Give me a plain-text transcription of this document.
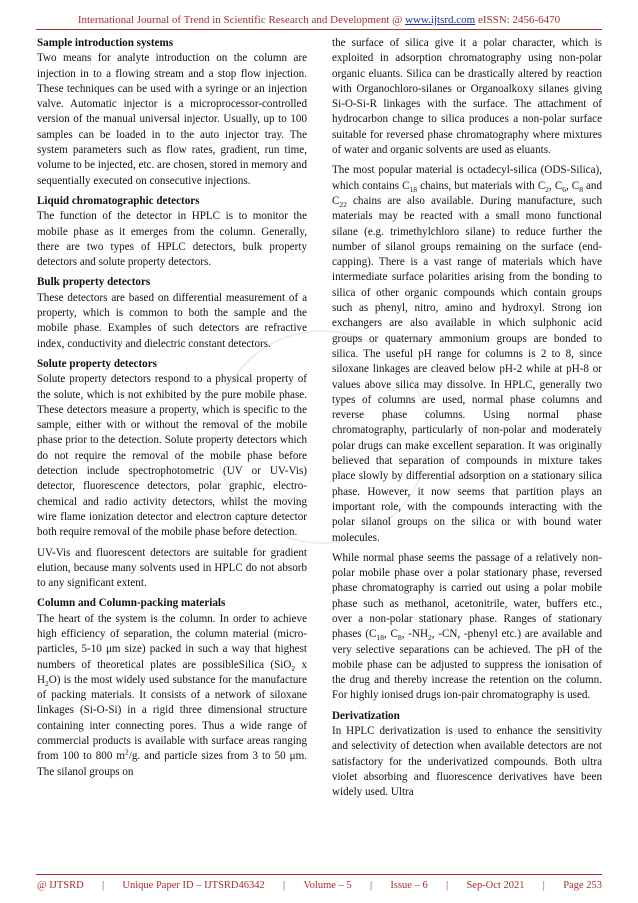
International Journal of Trend in Scientific Research and Development @ www.ijtsrd.com eISSN: 2456-6470
Sample introduction systems

Two means for analyte introduction on the column are injection in to a flowing stream and a stop flow injection. These techniques can be used with a syringe or an injection valve. Automatic injector is a microprocessor-controlled version of the manual universal injector. Usually, up to 100 samples can be loaded in to the auto injector tray. The system parameters such as flow rates, gradient, run time, volume to be injected, etc. are chosen, stored in memory and sequentially executed on consecutive injections.

Liquid chromatographic detectors

The function of the detector in HPLC is to monitor the mobile phase as it emerges from the column. Generally, there are two types of HPLC detectors, bulk property detectors and solute property detectors.

Bulk property detectors

These detectors are based on differential measurement of a property, which is common to both the sample and the mobile phase. Examples of such detectors are refractive index, conductivity and dielectric constant detectors.

Solute property detectors

Solute property detectors respond to a physical property of the solute, which is not exhibited by the pure mobile phase. These detectors measure a property, which is specific to the sample, either with or without the removal of the mobile phase prior to the detection. Solute property detectors which do not require the removal of the mobile phase before detection include spectrophotometric (UV or UV-Vis) detector, fluorescence detectors, polar graphic, electro-chemical and radio activity detectors, whilst the moving wire flame ionization detector and electron capture detector both require removal of the mobile phase before detection.

UV-Vis and fluorescent detectors are suitable for gradient elution, because many solvents used in HPLC do not absorb to any significant extent.

Column and Column-packing materials

The heart of the system is the column. In order to achieve high efficiency of separation, the column material (micro-particles, 5-10 μm size) packed in such a way that highest numbers of theoretical plates are possibleSilica (SiO$_2$ x $H_2O$) is the most widely used substance for the manufacture of packing materials. It consists of a network of siloxane linkages (Si-O-Si) in a rigid three dimensional structure containing inter connecting pores. Thus a wide range of commercial products is available with surface areas ranging from 100 to 800 $m^2/g$. and particle sizes from 3 to 50 μm. The silanol groups on

the surface of silica give it a polar character, which is exploited in adsorption chromatography using non-polar organic eluants. Silica can be drastically altered by reaction with Organochloro-silanes or Organoalkoxy silanes giving Si-O-Si-R linkages with the surface. The attachment of hydrocarbon change to silica produces a non-polar surface suitable for reversed phase chromatography where mixtures of water and organic solvents are used as eluants.

The most popular material is octadecyl-silica (ODS-Silica), which contains $C_{18}$ chains, but materials with $C_2$, $C_6$, $C_8$ and $C_{22}$ chains are also available. During manufacture, such materials may be reacted with a small mono functional silane (e.g. trimethylchloro silane) to reduce further the number of silanol groups remaining on the surface (end-capping). There is a vast range of materials which have intermediate surface polarities arising from the bonding to silica of other organic compounds which contain groups such as phenyl, nitro, amino and hydroxyl. Strong ion exchangers are also available in which sulphonic acid groups or quaternary ammonium groups are bonded to silica. The useful pH range for columns is 2 to 8, since siloxane linkages are cleaved below pH-2 while at pH-8 or values above silica may dissolve. In HPLC, generally two types of columns are used, normal phase columns and reverse phase columns. Using normal phase chromatography, particularly of non-polar and moderately polar drugs can make excellent separation. It was originally believed that separation of compounds in mixture takes place slowly by differential adsorption on a stationary silica phase. However, it now seems that partition plays an important role, with the compounds interacting with the polar silanol groups on the silica or with bound water molecules.

While normal phase seems the passage of a relatively non-polar mobile phase over a polar stationary phase, reversed phase chromatography is carried out using a polar mobile phase such as methanol, acetonitrile, water, buffers etc., over a non-polar stationary phase. Ranges of stationary phases ($C_{18}$, $C_8$, $-NH_2$, -CN, -phenyl etc.) are available and very selective separations can be achieved. The pH of the mobile phase can be adjusted to suppress the ionisation of the drug and thereby increase the retention on the column. For highly ionised drugs ion-pair chromatography is used.

Derivatization

In HPLC derivatization is used to enhance the sensitivity and selectivity of detection when available detectors are not satisfactory for the underivatized compounds. Both ultra violet absorbing and fluorescence derivatives have been widely used. Ultra

@ IJTSRD | Unique Paper ID – IJTSRD46342 | Volume – 5 | Issue – 6 | Sep-Oct 2021 | Page 253
